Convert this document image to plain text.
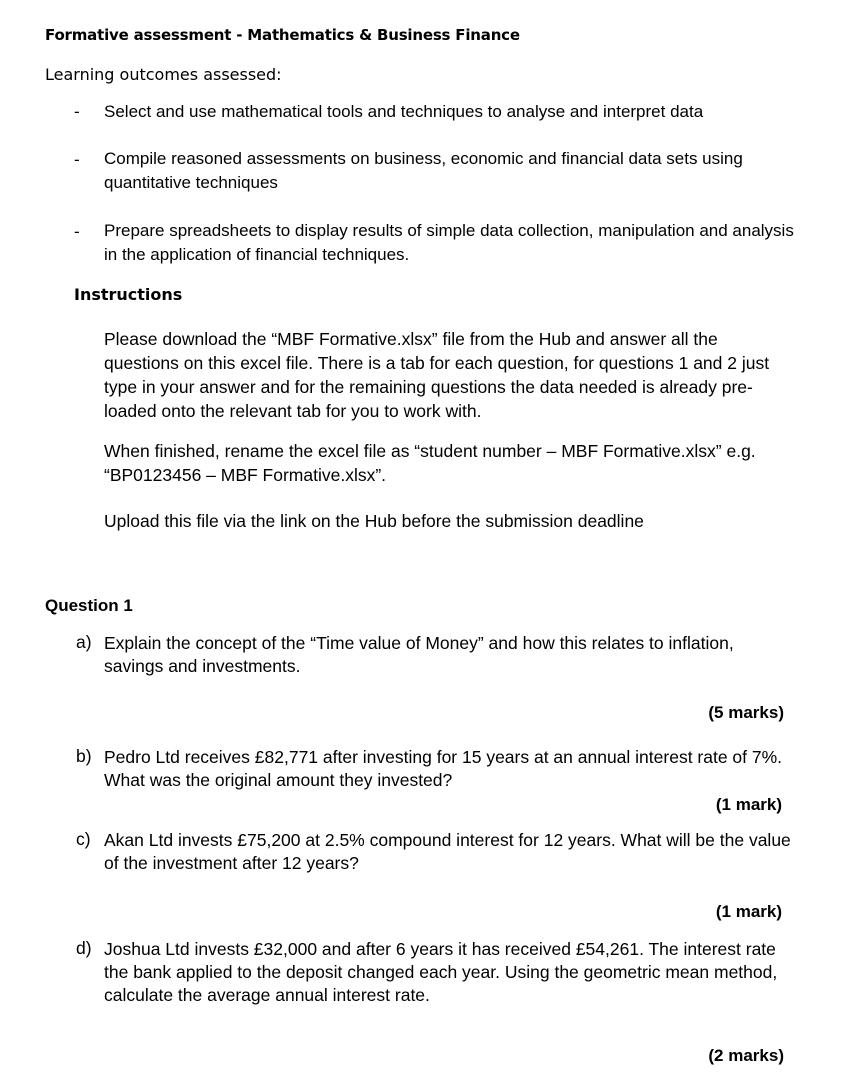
Formative assessment - Mathematics & Business Finance
Learning outcomes assessed:
- Select and use mathematical tools and techniques to analyse and interpret data
- Compile reasoned assessments on business, economic and financial data sets using quantitative techniques
- Prepare spreadsheets to display results of simple data collection, manipulation and analysis in the application of financial techniques.
Instructions
Please download the “MBF Formative.xlsx” file from the Hub and answer all the questions on this excel file. There is a tab for each question, for questions 1 and 2 just type in your answer and for the remaining questions the data needed is already pre-loaded onto the relevant tab for you to work with.
When finished, rename the excel file as “student number – MBF Formative.xlsx” e.g. “BP0123456 – MBF Formative.xlsx”.
Upload this file via the link on the Hub before the submission deadline
Question 1
a) Explain the concept of the “Time value of Money” and how this relates to inflation, savings and investments.
(5 marks)
b) Pedro Ltd receives £82,771 after investing for 15 years at an annual interest rate of 7%. What was the original amount they invested?
(1 mark)
c) Akan Ltd invests £75,200 at 2.5% compound interest for 12 years. What will be the value of the investment after 12 years?
(1 mark)
d) Joshua Ltd invests £32,000 and after 6 years it has received £54,261. The interest rate the bank applied to the deposit changed each year. Using the geometric mean method, calculate the average annual interest rate.
(2 marks)
